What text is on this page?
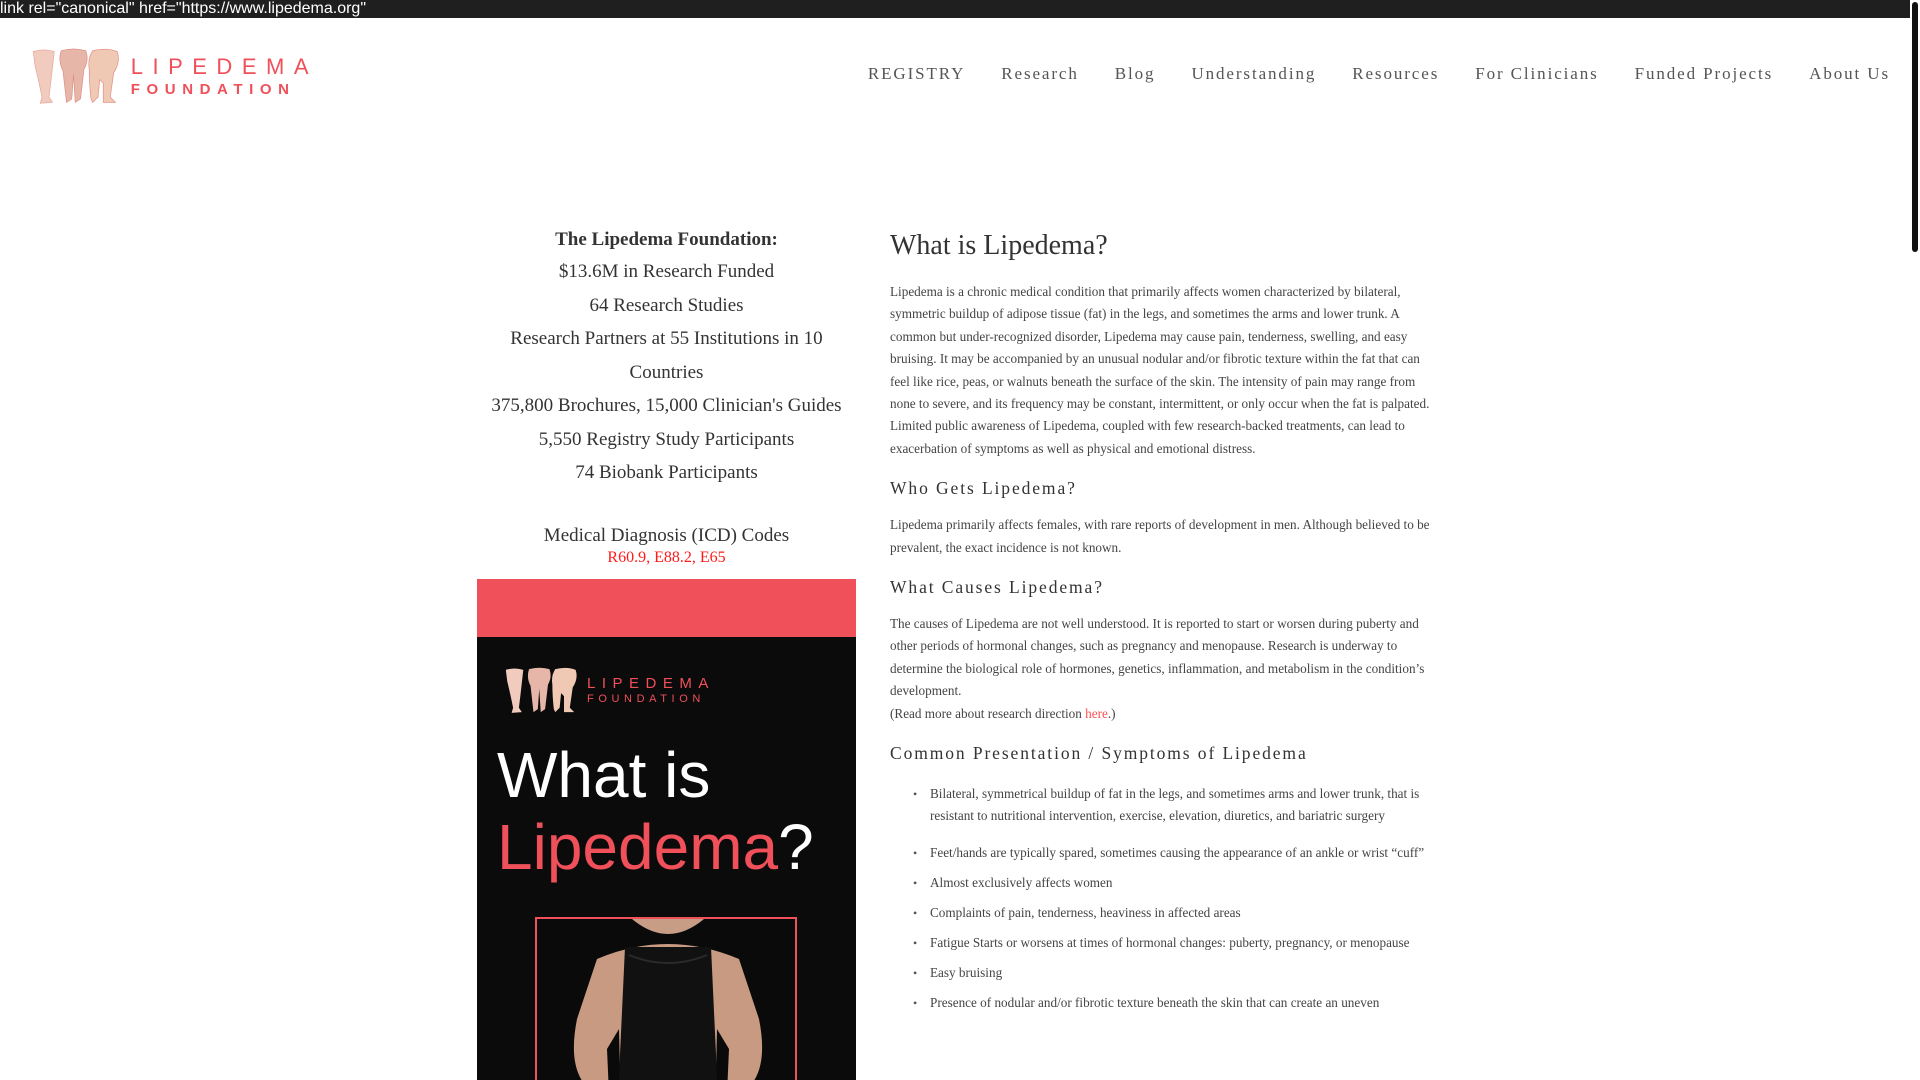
link rel="canonical" href="https://www.lipedema.org"
LIPEDEMA
FOUNDATION
REGISTRY Research Blog Understanding Resources For Clinicians Funded Projects About Us
The Lipedema Foundation:
$13.6M in Research Funded
64 Research Studies
Research Partners at 55 Institutions in 10 Countries
375,800 Brochures, 15,000 Clinician's Guides
5,550 Registry Study Participants
74 Biobank Participants
Medical Diagnosis (ICD) Codes
R60.9, E88.2, E65
LIPEDEMA
FOUNDATION
What is
Lipedema?
What is Lipedema?

Lipedema is a chronic medical condition that primarily affects women characterized by bilateral, symmetric buildup of adipose tissue (fat) in the legs, and sometimes the arms and lower trunk. A common but under-recognized disorder, Lipedema may cause pain, tenderness, swelling, and easy bruising. It may be accompanied by an unusual nodular and/or fibrotic texture within the fat that can feel like rice, peas, or walnuts beneath the surface of the skin. The intensity of pain may range from none to severe, and its frequency may be constant, intermittent, or only occur when the fat is palpated. Limited public awareness of Lipedema, coupled with few research-backed treatments, can lead to exacerbation of symptoms as well as physical and emotional distress.

Who Gets Lipedema?

Lipedema primarily affects females, with rare reports of development in men. Although believed to be prevalent, the exact incidence is not known.

What Causes Lipedema?

The causes of Lipedema are not well understood. It is reported to start or worsen during puberty and other periods of hormonal changes, such as pregnancy and menopause. Research is underway to determine the biological role of hormones, genetics, inflammation, and metabolism in the condition’s development.
(Read more about research direction here.)

Common Presentation / Symptoms of Lipedema
• Bilateral, symmetrical buildup of fat in the legs, and sometimes arms and lower trunk, that is resistant to nutritional intervention, exercise, elevation, diuretics, and bariatric surgery
• Feet/hands are typically spared, sometimes causing the appearance of an ankle or wrist “cuff”
• Almost exclusively affects women
• Complaints of pain, tenderness, heaviness in affected areas
• Fatigue Starts or worsens at times of hormonal changes: puberty, pregnancy, or menopause
• Easy bruising
• Presence of nodular and/or fibrotic texture beneath the skin that can create an uneven
